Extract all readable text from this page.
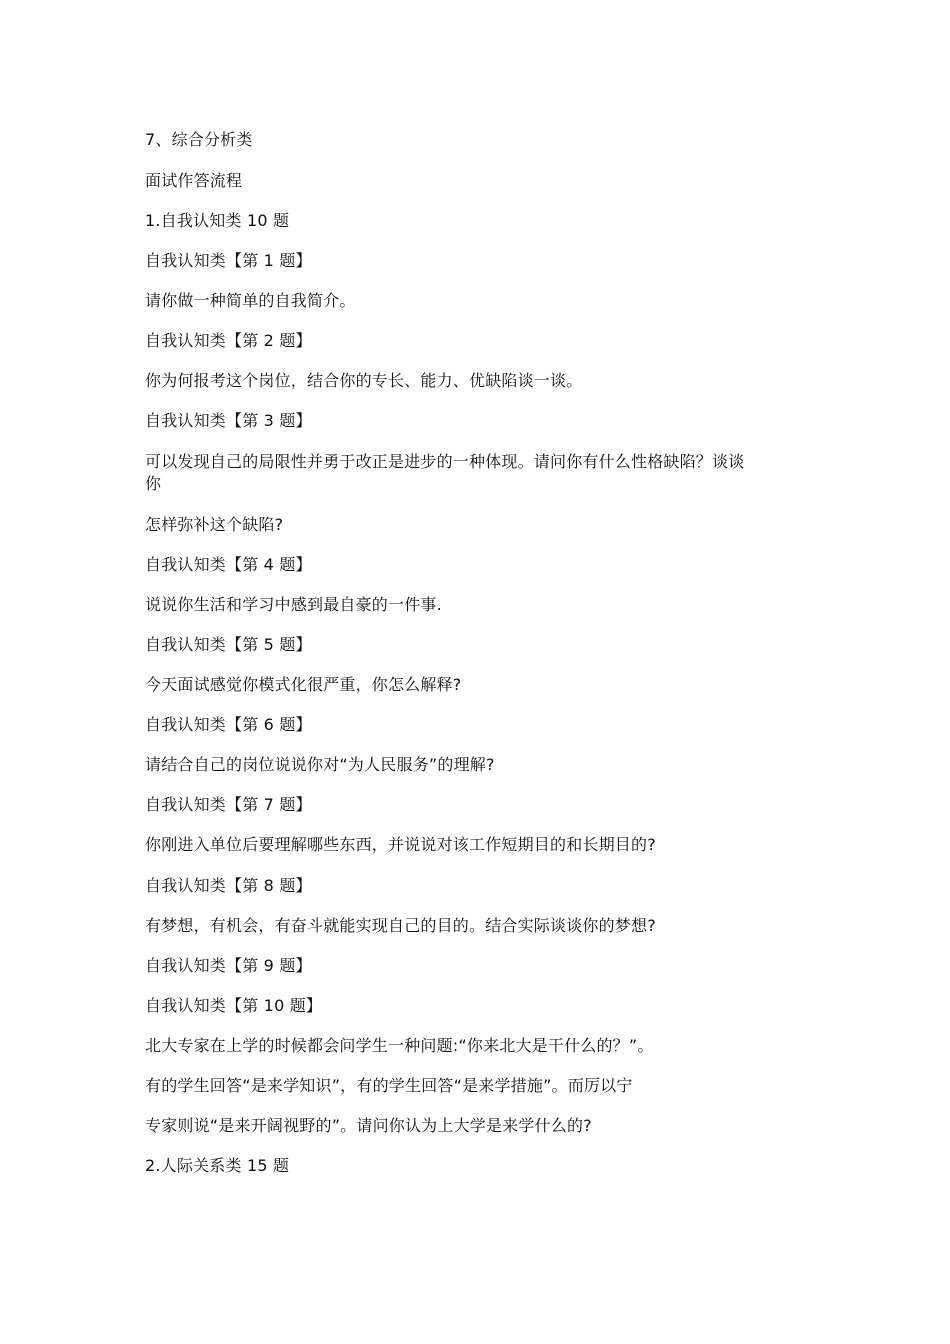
7、综合分析类
面试作答流程
1.自我认知类 10 题
自我认知类【第 1 题】
请你做一种简单的自我简介。
自我认知类【第 2 题】
你为何报考这个岗位，结合你的专长、能力、优缺陷谈一谈。
自我认知类【第 3 题】
可以发现自己的局限性并勇于改正是进步的一种体现。请问你有什么性格缺陷？谈谈
你
怎样弥补这个缺陷?
自我认知类【第 4 题】
说说你生活和学习中感到最自豪的一件事.
自我认知类【第 5 题】
今天面试感觉你模式化很严重，你怎么解释?
自我认知类【第 6 题】
请结合自己的岗位说说你对“为人民服务”的理解?
自我认知类【第 7 题】
你刚进入单位后要理解哪些东西，并说说对该工作短期目的和长期目的?
自我认知类【第 8 题】
有梦想，有机会，有奋斗就能实现自己的目的。结合实际谈谈你的梦想?
自我认知类【第 9 题】
自我认知类【第 10 题】
北大专家在上学的时候都会问学生一种问题:“你来北大是干什么的？”。
有的学生回答“是来学知识”，有的学生回答“是来学措施”。而厉以宁
专家则说“是来开阔视野的”。请问你认为上大学是来学什么的?
2.人际关系类 15 题
